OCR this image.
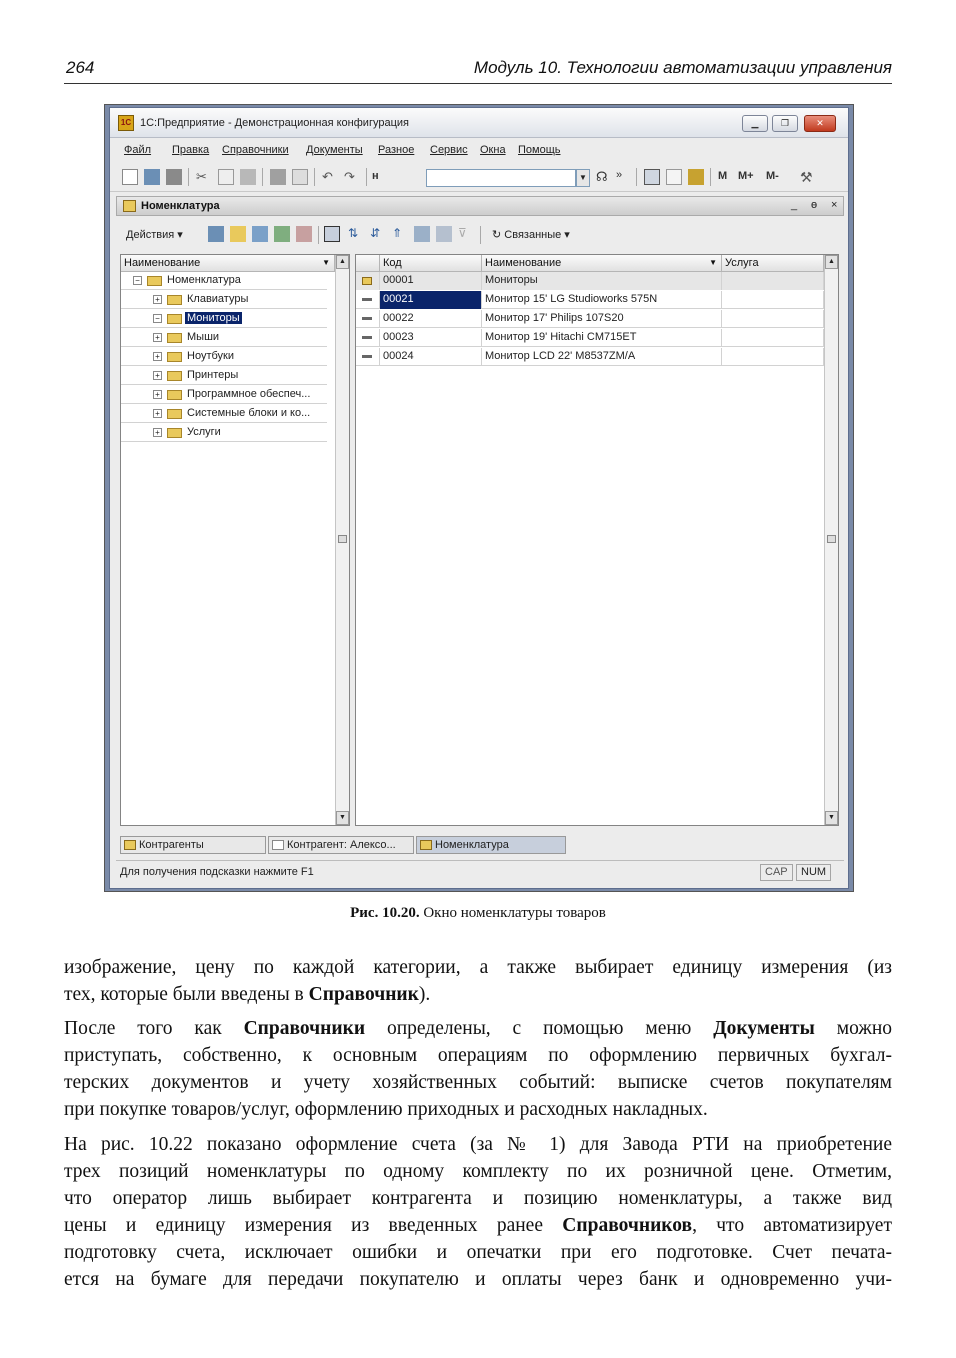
264	Модуль 10. Технологии автоматизации управления
1С 1С:Предприятие - Демонстрационная конфигурация	▁	❐	✕
Файл Правка Справочники Документы Разное Сервис Окна Помощь
✂	↶ ↷	н	▼ ☊ »	M M+ M- ⚒
Номенклатура	_ ɵ ×
Действия ▾	⇅ ⇵ ⇑	⊽	↻ Связанные ▾
Наименование	▼
− Номенклатура
+ Клавиатуры
− Мониторы
+ Мыши
+ Ноутбуки
+ Принтеры
+ Программное обеспеч...
+ Системные блоки и ко...
+ Услуги
▲
▼
Код	Наименование	▼ Услуга
00001	Мониторы
00021	Монитор 15' LG Studioworks 575N
00022	Монитор 17' Philips 107S20
00023	Монитор 19' Hitachi CM715ET
00024	Монитор LCD 22' M8537ZM/A
▲
▼
Контрагенты	Контрагент: Алексо...	Номенклатура
Для получения подсказки нажмите F1	CAP	NUM
Рис. 10.20. Окно номенклатуры товаров
изображение, цену по каждой категории, а также выбирает единицу измерения (из
тех, которые были введены в Справочник).
После того как Справочники определены, с помощью меню Документы можно
приступать, собственно, к основным операциям по оформлению первичных бухгал-
терских документов и учету хозяйственных событий: выписке счетов покупателям
при покупке товаров/услуг, оформлению приходных и расходных накладных.
На рис. 10.22 показано оформление счета (за № 1) для Завода РТИ на приобретение
трех позиций номенклатуры по одному комплекту по их розничной цене. Отметим,
что оператор лишь выбирает контрагента и позицию номенклатуры, а также вид
цены и единицу измерения из введенных ранее Справочников, что автоматизирует
подготовку счета, исключает ошибки и опечатки при его подготовке. Счет печата-
ется на бумаге для передачи покупателю и оплаты через банк и одновременно учи-
